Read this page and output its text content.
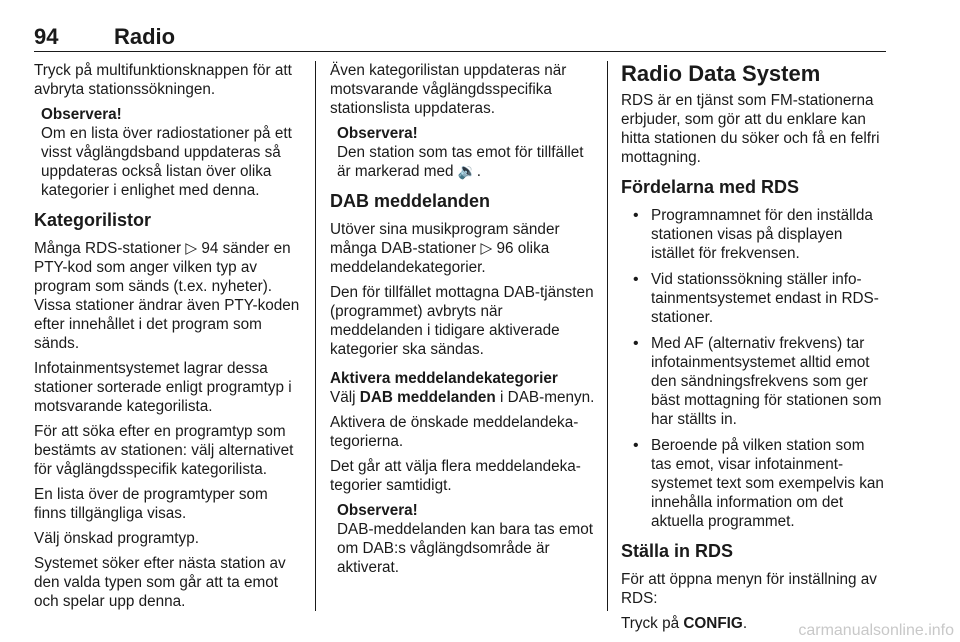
94	Radio

Tryck på multifunktionsknappen för att avbryta stationssökningen.

Observera!
Om en lista över radiostationer på ett visst våglängdsband uppdateras så uppdateras också listan över olika kategorier i enlighet med denna.
Kategorilistor

Många RDS-stationer ▷ 94 sänder en PTY-kod som anger vilken typ av program som sänds (t.ex. nyheter). Vissa stationer ändrar även PTY-koden efter innehållet i det program som sänds.

Infotainmentsystemet lagrar dessa stationer sorterade enligt programtyp i motsvarande kategorilista.

För att söka efter en programtyp som bestämts av stationen: välj alternativet för våglängdsspecifik kategorilista.

En lista över de programtyper som finns tillgängliga visas.

Välj önskad programtyp.

Systemet söker efter nästa station av den valda typen som går att ta emot och spelar upp denna.

Även kategorilistan uppdateras när motsvarande våglängdsspecifika stationslista uppdateras.

Observera!
Den station som tas emot för tillfället är markerad med 🔉.
DAB meddelanden

Utöver sina musikprogram sänder många DAB-stationer ▷ 96 olika meddelandekategorier.

Den för tillfället mottagna DAB-tjänsten (programmet) avbryts när meddelanden i tidigare aktiverade kategorier ska sändas.

Aktivera meddelandekategorier

Välj DAB meddelanden i DAB-menyn.

Aktivera de önskade meddelandekategorierna.

Det går att välja flera meddelandekategorier samtidigt.

Observera!
DAB-meddelanden kan bara tas emot om DAB:s våglängdsområde är aktiverat.
Radio Data System

RDS är en tjänst som FM-stationerna erbjuder, som gör att du enklare kan hitta stationen du söker och få en felfri mottagning.

Fördelarna med RDS
• Programnamnet för den inställda stationen visas på displayen istället för frekvensen.
• Vid stationssökning ställer infotainmentsystemet endast in RDS-stationer.
• Med AF (alternativ frekvens) tar infotainmentsystemet alltid emot den sändningsfrekvens som ger bäst mottagning för stationen som har ställts in.
• Beroende på vilken station som tas emot, visar infotainmentsystemet text som exempelvis kan innehålla information om det aktuella programmet.
Ställa in RDS

För att öppna menyn för inställning av RDS:

Tryck på CONFIG.	carmanualsonline.info
